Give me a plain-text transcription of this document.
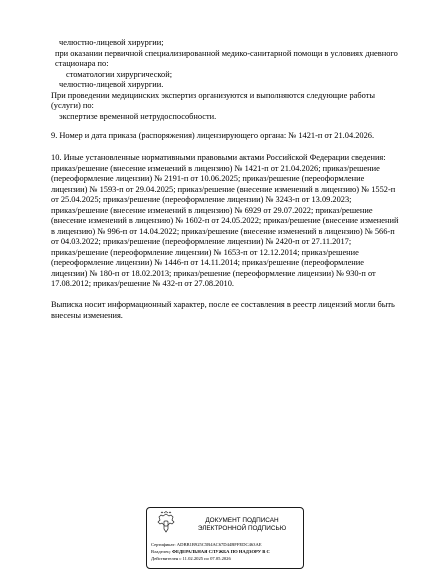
челюстно-лицевой хирургии;
при оказании первичной специализированной медико-санитарной помощи в условиях дневного
стационара по:
стоматологии хирургической;
челюстно-лицевой хирургии.
При проведении медицинских экспертиз организуются и выполняются следующие работы
(услуги) по:
экспертизе временной нетрудоспособности.
9. Номер и дата приказа (распоряжения) лицензирующего органа: № 1421-п от 21.04.2026.
10. Иные установленные нормативными правовыми актами Российской Федерации сведения:
приказ/решение (внесение изменений в лицензию) № 1421-п от 21.04.2026; приказ/решение
(переоформление лицензии) № 2191-п от 10.06.2025; приказ/решение (переоформление
лицензии) № 1593-п от 29.04.2025; приказ/решение (внесение изменений в лицензию) № 1552-п
от 25.04.2025; приказ/решение (переоформление лицензии) № 3243-п от 13.09.2023;
приказ/решение (внесение изменений в лицензию) № 6929 от 29.07.2022; приказ/решение
(внесение изменений в лицензию) № 1602-п от 24.05.2022; приказ/решение (внесение изменений
в лицензию) № 996-п от 14.04.2022; приказ/решение (внесение изменений в лицензию) № 566-п
от 04.03.2022; приказ/решение (переоформление лицензии) № 2420-п от 27.11.2017;
приказ/решение (переоформление лицензии) № 1653-п от 12.12.2014; приказ/решение
(переоформление лицензии) № 1446-п от 14.11.2014; приказ/решение (переоформление
лицензии) № 180-п от 18.02.2013; приказ/решение (переоформление лицензии) № 930-п от
17.08.2012; приказ/решение № 432-п от 27.08.2010.
Выписка носит информационный характер, после ее составления в реестр лицензий могли быть
внесены изменения.
ДОКУМЕНТ ПОДПИСАН
ЭЛЕКТРОННОЙ ПОДПИСЬЮ
Сертификат: АDBB1B925С5В4АС67D44ВFFEDC463АЕ
Владелец: ФЕДЕРАЛЬНАЯ СЛУЖБА ПО НАДЗОРУ В С
Действителен с 11.02.2025 по 07.05.2026
